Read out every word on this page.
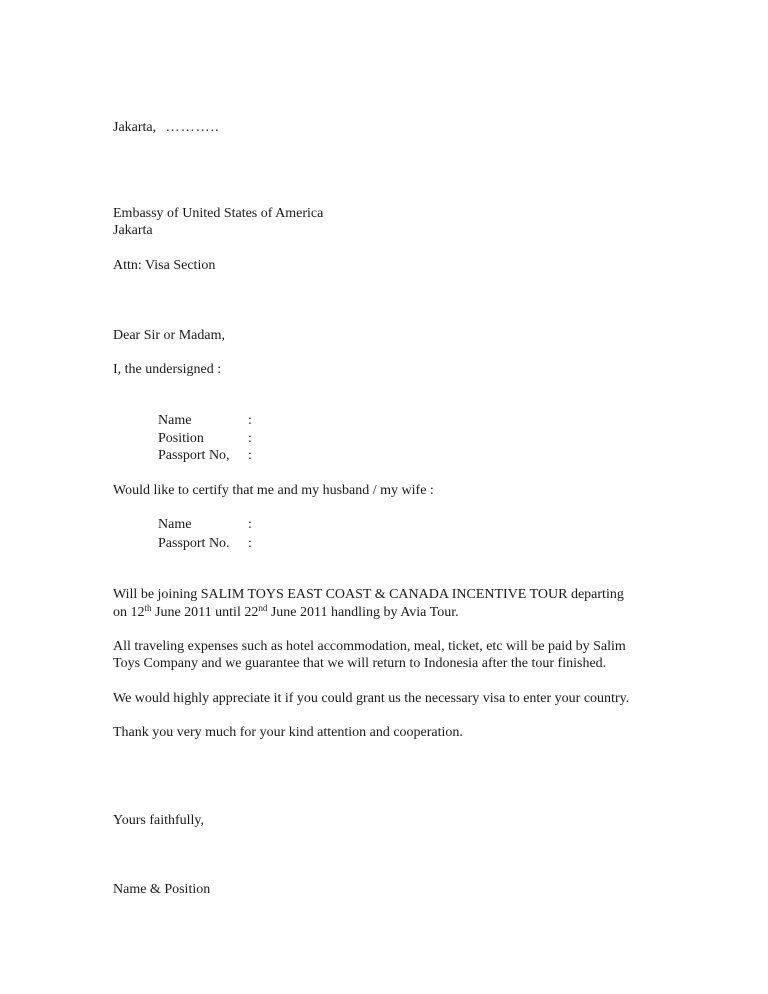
Jakarta, ………..
Embassy of United States of America
Jakarta
Attn: Visa Section
Dear Sir or Madam,
I, the undersigned :
Name	:
Position	:
Passport No, :
Would like to certify that me and my husband / my wife :
Name	:
Passport No. :
Will be joining SALIM TOYS EAST COAST & CANADA INCENTIVE TOUR departing
on 12th June 2011 until 22nd June 2011 handling by Avia Tour.
All traveling expenses such as hotel accommodation, meal, ticket, etc will be paid by Salim
Toys Company and we guarantee that we will return to Indonesia after the tour finished.
We would highly appreciate it if you could grant us the necessary visa to enter your country.
Thank you very much for your kind attention and cooperation.
Yours faithfully,
Name & Position
